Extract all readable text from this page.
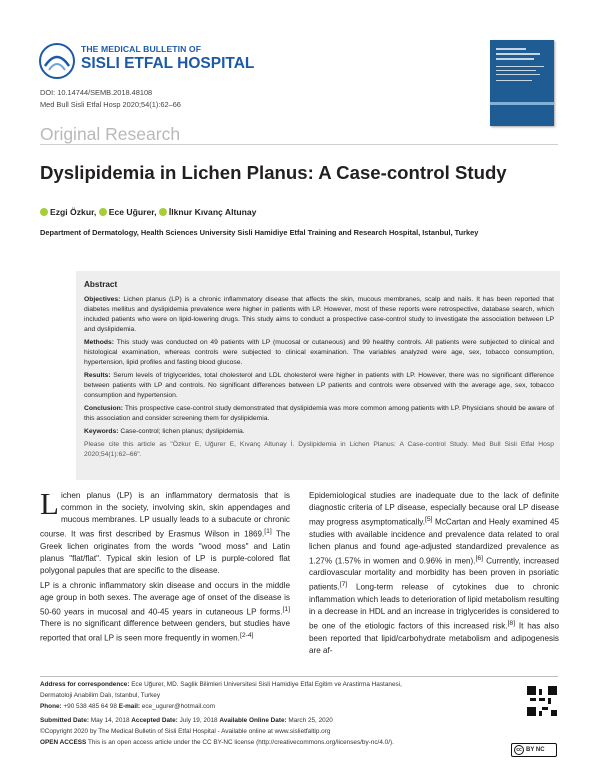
THE MEDICAL BULLETIN OF
SISLI ETFAL HOSPITAL
DOI: 10.14744/SEMB.2018.48108
Med Bull Sisli Etfal Hosp 2020;54(1):62–66
Original Research
Dyslipidemia in Lichen Planus: A Case-control Study
Ezgi Özkur, Ece Uğurer, İlknur Kıvanç Altunay
Department of Dermatology, Health Sciences University Sisli Hamidiye Etfal Training and Research Hospital, Istanbul, Turkey
Abstract

Objectives: Lichen planus (LP) is a chronic inflammatory disease that affects the skin, mucous membranes, scalp and nails. It has been reported that diabetes mellitus and dyslipidemia prevalence were higher in patients with LP. However, most of these reports were retrospective, database search, which included patients who were on lipid-lowering drugs. This study aims to conduct a prospective case-control study to investigate the association between LP and dyslipidemia.

Methods: This study was conducted on 49 patients with LP (mucosal or cutaneous) and 99 healthy controls. All patients were subjected to clinical and histological examination, whereas controls were subjected to clinical examination. The variables analyzed were age, sex, tobacco consumption, hypertension, lipid profiles and fasting blood glucose.

Results: Serum levels of triglycerides, total cholesterol and LDL cholesterol were higher in patients with LP. However, there was no significant difference between patients with LP and controls. No significant differences between LP patients and controls were observed with the average age, sex, tobacco consumption and hypertension.

Conclusion: This prospective case-control study demonstrated that dyslipidemia was more common among patients with LP. Physicians should be aware of this association and consider screening them for dyslipidemia.

Keywords: Case-control; lichen planus; dyslipidemia.

Please cite this article as "Özkur E, Uğurer E, Kıvanç Altunay İ. Dyslipidemia in Lichen Planus: A Case-control Study. Med Bull Sisli Etfal Hosp 2020;54(1):62–66".

Lichen planus (LP) is an inflammatory dermatosis that is common in the society, involving skin, skin appendages and mucous membranes. LP usually leads to a subacute or chronic course. It was first described by Erasmus Wilson in 1869.[1] The Greek lichen originates from the words "wood moss" and Latin planus "flat/flat". Typical skin lesion of LP is purple-colored flat polygonal papules that are specific to the disease.

LP is a chronic inflammatory skin disease and occurs in the middle age group in both sexes. The average age of onset of the disease is 50-60 years in mucosal and 40-45 years in cutaneous LP forms.[1] There is no significant difference between genders, but studies have reported that oral LP is seen more frequently in women.[2-4]

Epidemiological studies are inadequate due to the lack of definite diagnostic criteria of LP disease, especially because oral LP disease may progress asymptomatically.[5] McCartan and Healy examined 45 studies with available incidence and prevalence data related to oral lichen planus and found age-adjusted standardized prevalence as 1.27% (1.57% in women and 0.96% in men).[6] Currently, increased cardiovascular mortality and morbidity has been proven in psoriatic patients.[7] Long-term release of cytokines due to chronic inflammation which leads to deterioration of lipid metabolism resulting in a decrease in HDL and an increase in triglycerides is considered to be one of the etiologic factors of this increased risk.[8] It has also been reported that lipid/carbohydrate metabolism and adipogenesis are af-

Address for correspondence: Ece Uğurer, MD. Saglik Bilimleri Universitesi Sisli Hamidiye Etfal Egitim ve Arastirma Hastanesi,
Dermatoloji Anabilim Dalı, Istanbul, Turkey
Phone: +90 538 485 64 98 E-mail: ece_ugurer@hotmail.com
Submitted Date: May 14, 2018 Accepted Date: July 19, 2018 Available Online Date: March 25, 2020
©Copyright 2020 by The Medical Bulletin of Sisli Etfal Hospital - Available online at www.sislietfaltip.org
OPEN ACCESS This is an open access article under the CC BY-NC license (http://creativecommons.org/licenses/by-nc/4.0/).
cc BY NC
